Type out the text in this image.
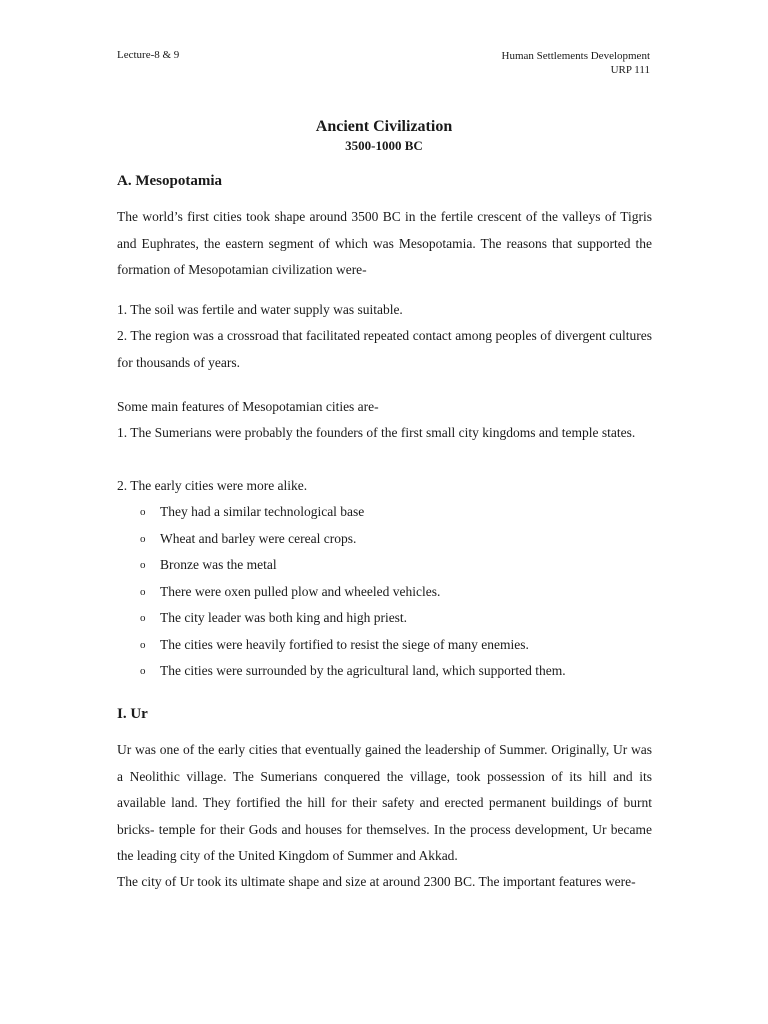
Lecture-8 & 9	Human Settlements Development
URP 111
Ancient Civilization
3500-1000 BC
A. Mesopotamia

The world’s first cities took shape around 3500 BC in the fertile crescent of the valleys of Tigris and Euphrates, the eastern segment of which was Mesopotamia. The reasons that supported the formation of Mesopotamian civilization were-

1. The soil was fertile and water supply was suitable.

2. The region was a crossroad that facilitated repeated contact among peoples of divergent cultures for thousands of years.

Some main features of Mesopotamian cities are-

1. The Sumerians were probably the founders of the first small city kingdoms and temple states.

2. The early cities were more alike.
o	They had a similar technological base
o	Wheat and barley were cereal crops.
o	Bronze was the metal
o	There were oxen pulled plow and wheeled vehicles.
o	The city leader was both king and high priest.
o	The cities were heavily fortified to resist the siege of many enemies.
o	The cities were surrounded by the agricultural land, which supported them.
I. Ur

Ur was one of the early cities that eventually gained the leadership of Summer. Originally, Ur was a Neolithic village. The Sumerians conquered the village, took possession of its hill and its available land. They fortified the hill for their safety and erected permanent buildings of burnt bricks- temple for their Gods and houses for themselves. In the process development, Ur became the leading city of the United Kingdom of Summer and Akkad.

The city of Ur took its ultimate shape and size at around 2300 BC. The important features were-
